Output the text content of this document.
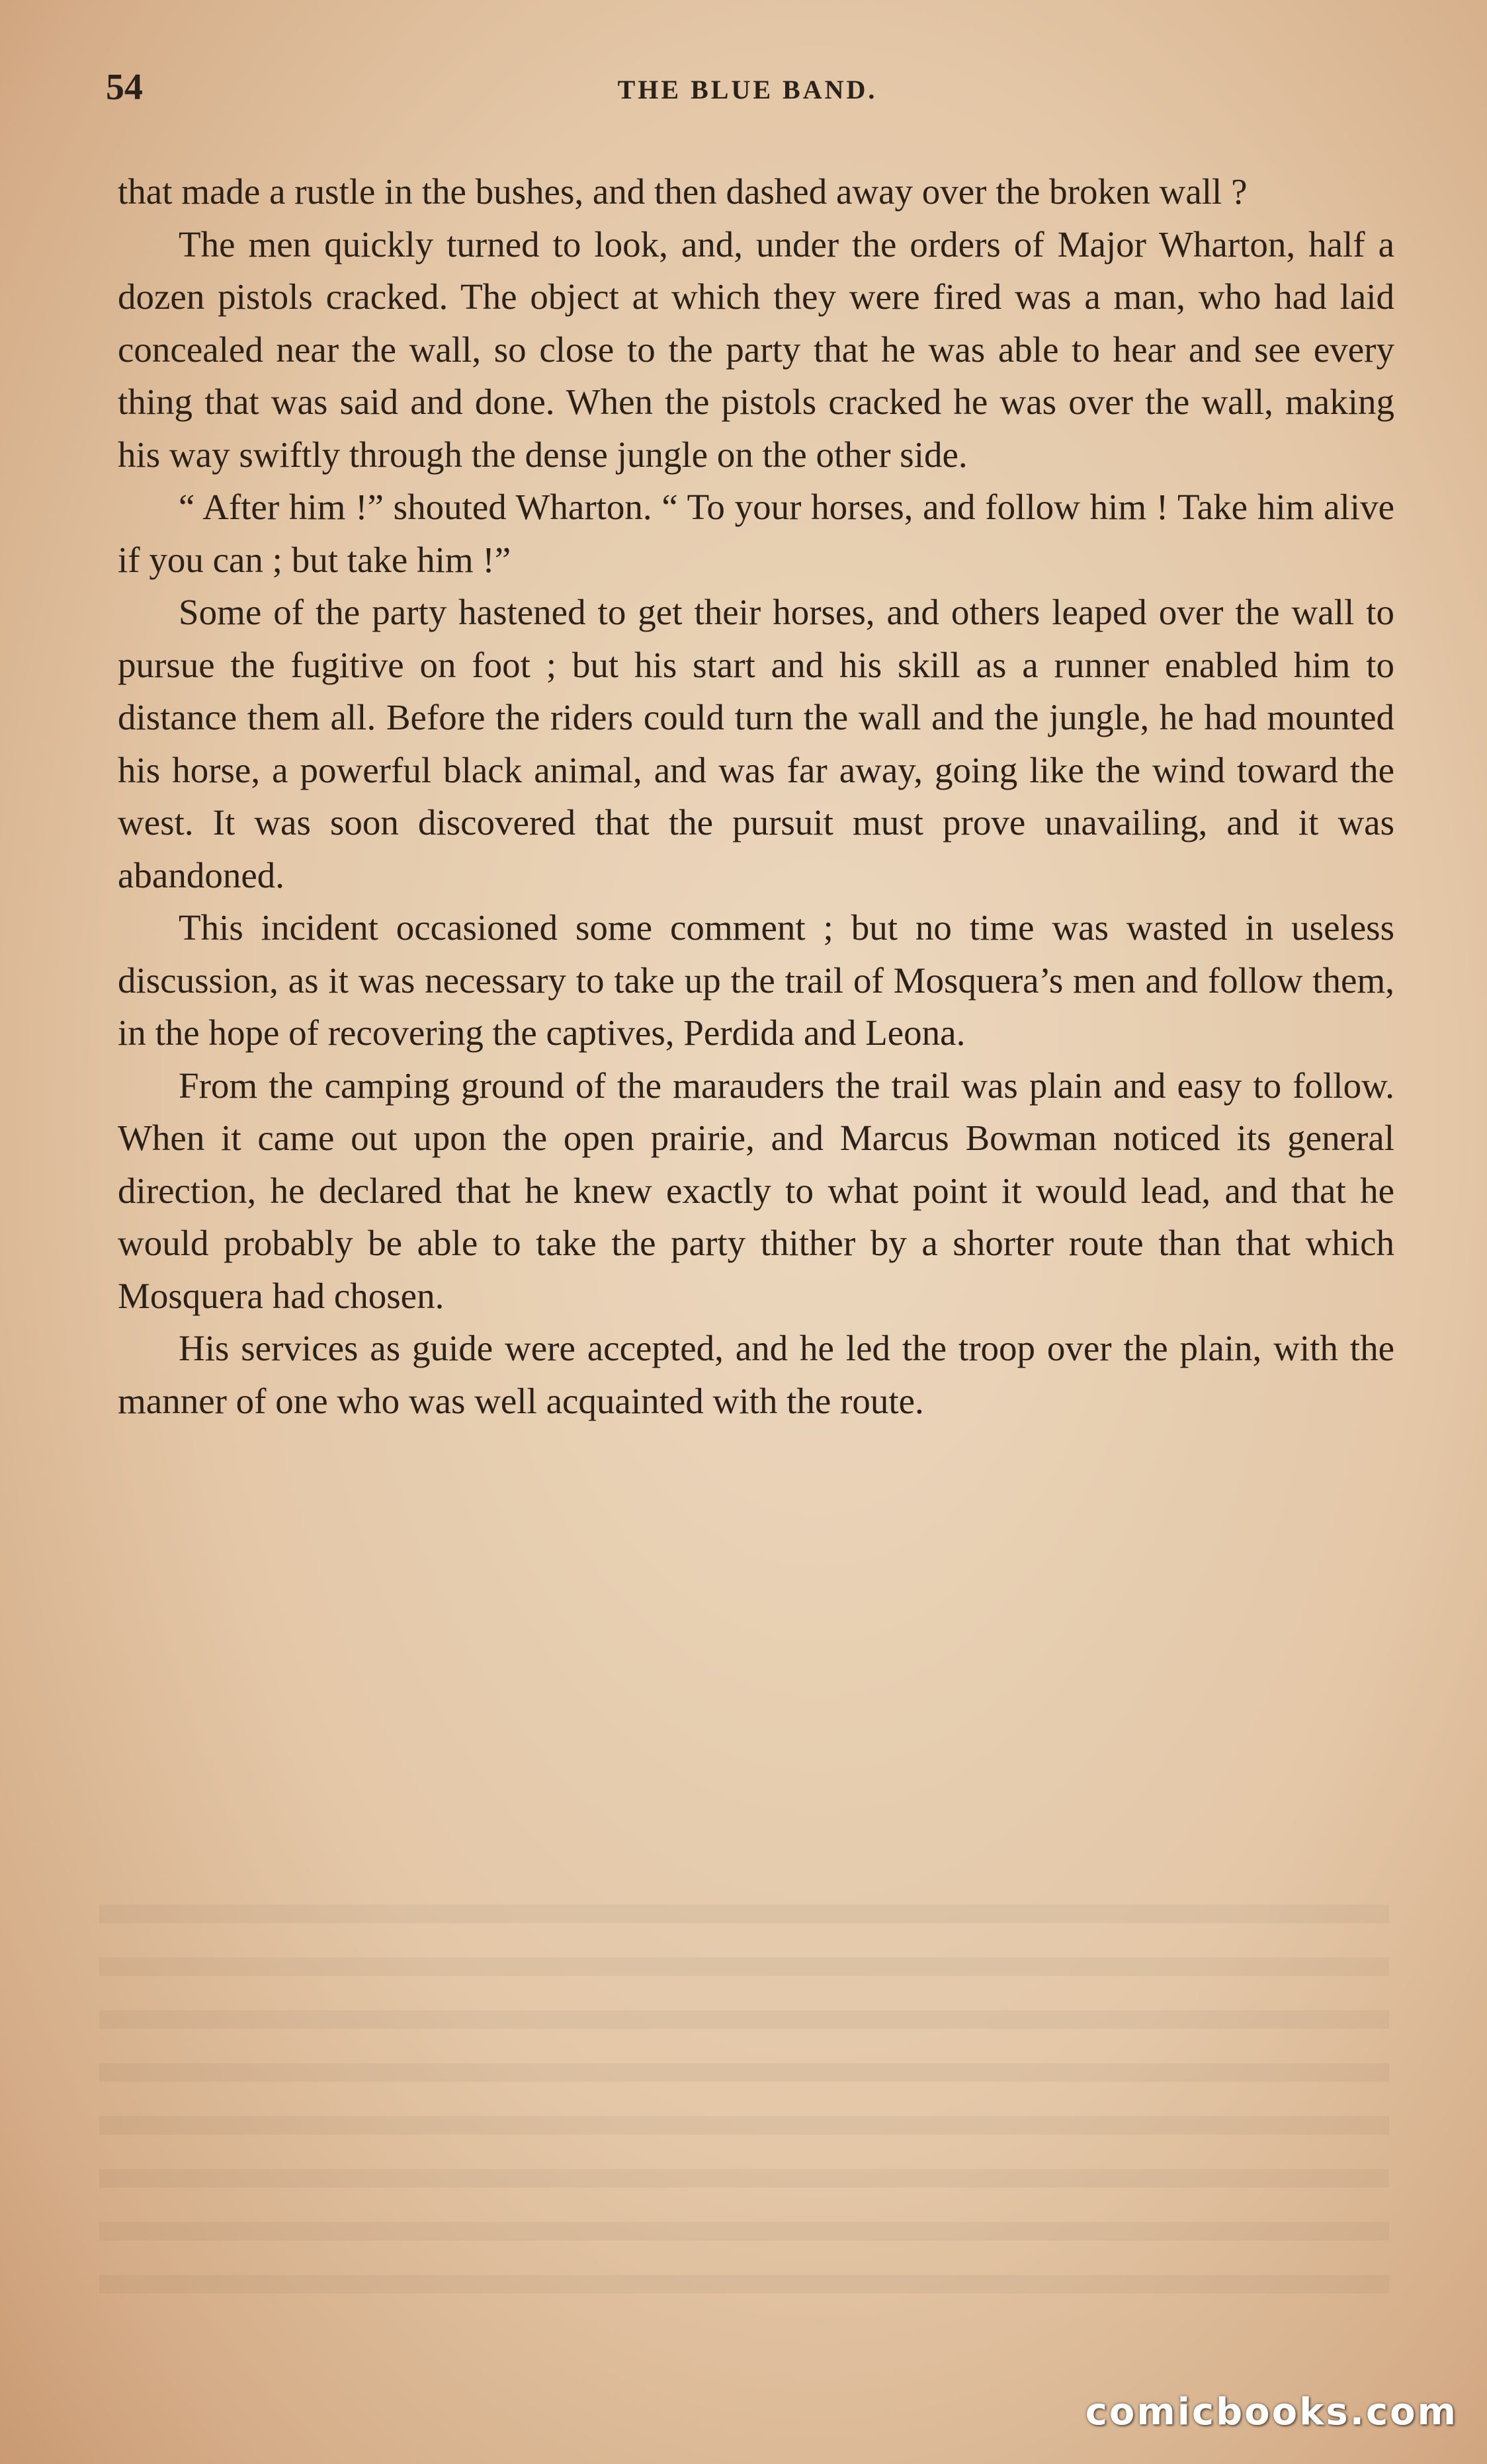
54	THE BLUE BAND.

that made a rustle in the bushes, and then dashed away over the broken wall ?

The men quickly turned to look, and, under the orders of Major Wharton, half a dozen pistols cracked. The object at which they were fired was a man, who had laid concealed near the wall, so close to the party that he was able to hear and see every thing that was said and done. When the pistols cracked he was over the wall, making his way swiftly through the dense jungle on the other side.

“ After him !” shouted Wharton. “ To your horses, and follow him ! Take him alive if you can ; but take him !”

Some of the party hastened to get their horses, and others leaped over the wall to pursue the fugitive on foot ; but his start and his skill as a runner enabled him to distance them all. Before the riders could turn the wall and the jungle, he had mounted his horse, a powerful black animal, and was far away, going like the wind toward the west. It was soon discovered that the pursuit must prove unavailing, and it was abandoned.

This incident occasioned some comment ; but no time was wasted in useless discussion, as it was necessary to take up the trail of Mosquera’s men and follow them, in the hope of recovering the captives, Perdida and Leona.

From the camping ground of the marauders the trail was plain and easy to follow. When it came out upon the open prairie, and Marcus Bowman noticed its general direction, he declared that he knew exactly to what point it would lead, and that he would probably be able to take the party thither by a shorter route than that which Mosquera had chosen.

His services as guide were accepted, and he led the troop over the plain, with the manner of one who was well acquainted with the route.

comicbooks.com
